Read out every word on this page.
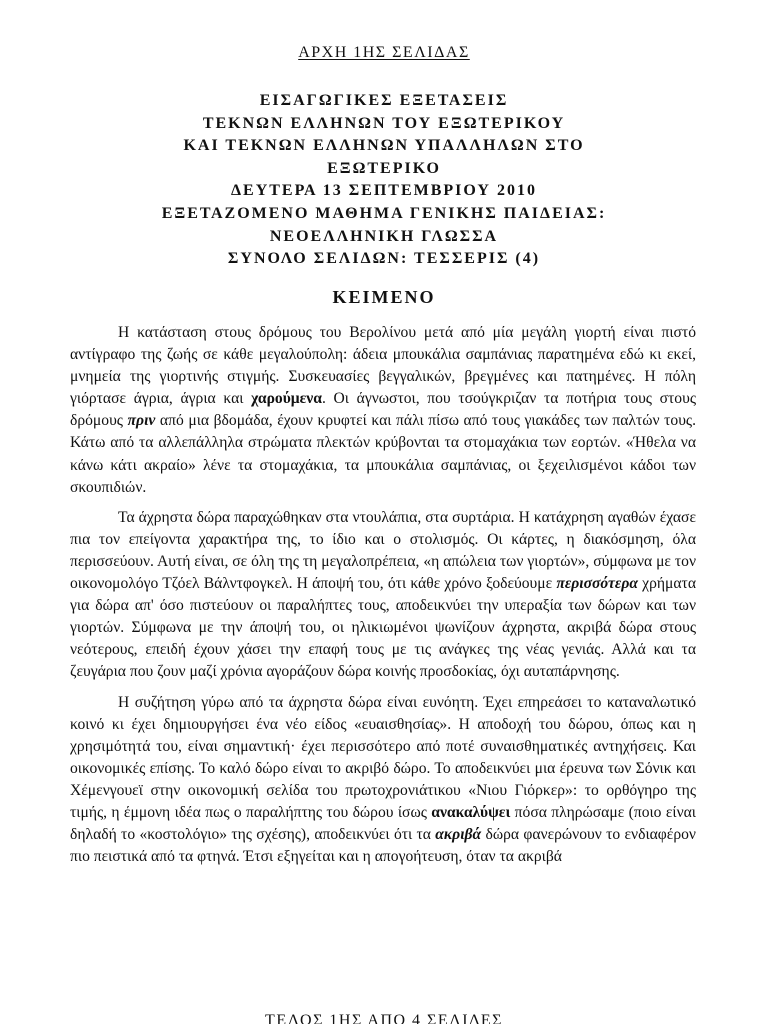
ΑΡΧΗ 1ΗΣ ΣΕΛΙΔΑΣ
ΕΙΣΑΓΩΓΙΚΕΣ ΕΞΕΤΑΣΕΙΣ
ΤΕΚΝΩΝ ΕΛΛΗΝΩΝ ΤΟΥ ΕΞΩΤΕΡΙΚΟΥ
ΚΑΙ ΤΕΚΝΩΝ ΕΛΛΗΝΩΝ ΥΠΑΛΛΗΛΩΝ ΣΤΟ
ΕΞΩΤΕΡΙΚΟ
ΔΕΥΤΕΡΑ 13 ΣΕΠΤΕΜΒΡΙΟΥ 2010
ΕΞΕΤΑΖΟΜΕΝΟ ΜΑΘΗΜΑ ΓΕΝΙΚΗΣ ΠΑΙΔΕΙΑΣ:
ΝΕΟΕΛΛΗΝΙΚΗ ΓΛΩΣΣΑ
ΣΥΝΟΛΟ ΣΕΛΙΔΩΝ: ΤΕΣΣΕΡΙΣ (4)
ΚΕΙΜΕΝΟ

Η κατάσταση στους δρόμους του Βερολίνου μετά από μία μεγάλη γιορτή είναι πιστό αντίγραφο της ζωής σε κάθε μεγαλούπολη: άδεια μπουκάλια σαμπάνιας παρατημένα εδώ κι εκεί, μνημεία της γιορτινής στιγμής. Συσκευασίες βεγγαλικών, βρεγμένες και πατημένες. Η πόλη γιόρτασε άγρια, άγρια και χαρούμενα. Οι άγνωστοι, που τσούγκριζαν τα ποτήρια τους στους δρόμους πριν από μια βδομάδα, έχουν κρυφτεί και πάλι πίσω από τους γιακάδες των παλτών τους. Κάτω από τα αλλεπάλληλα στρώματα πλεκτών κρύβονται τα στομαχάκια των εορτών. «Ήθελα να κάνω κάτι ακραίο» λένε τα στομαχάκια, τα μπουκάλια σαμπάνιας, οι ξεχειλισμένοι κάδοι των σκουπιδιών.

Τα άχρηστα δώρα παραχώθηκαν στα ντουλάπια, στα συρτάρια. Η κατάχρηση αγαθών έχασε πια τον επείγοντα χαρακτήρα της, το ίδιο και ο στολισμός. Οι κάρτες, η διακόσμηση, όλα περισσεύουν. Αυτή είναι, σε όλη της τη μεγαλοπρέπεια, «η απώλεια των γιορτών», σύμφωνα με τον οικονομολόγο Τζόελ Βάλντφογκελ. Η άποψή του, ότι κάθε χρόνο ξοδεύουμε περισσότερα χρήματα για δώρα απ' όσο πιστεύουν οι παραλήπτες τους, αποδεικνύει την υπεραξία των δώρων και των γιορτών. Σύμφωνα με την άποψή του, οι ηλικιωμένοι ψωνίζουν άχρηστα, ακριβά δώρα στους νεότερους, επειδή έχουν χάσει την επαφή τους με τις ανάγκες της νέας γενιάς. Αλλά και τα ζευγάρια που ζουν μαζί χρόνια αγοράζουν δώρα κοινής προσδοκίας, όχι αυταπάρνησης.

Η συζήτηση γύρω από τα άχρηστα δώρα είναι ευνόητη. Έχει επηρεάσει το καταναλωτικό κοινό κι έχει δημιουργήσει ένα νέο είδος «ευαισθησίας». Η αποδοχή του δώρου, όπως και η χρησιμότητά του, είναι σημαντική· έχει περισσότερο από ποτέ συναισθηματικές αντηχήσεις. Και οικονομικές επίσης. Το καλό δώρο είναι το ακριβό δώρο. Το αποδεικνύει μια έρευνα των Σόνικ και Χέμενγουεϊ στην οικονομική σελίδα του πρωτοχρονιάτικου «Νιου Γιόρκερ»: το ορθόγηρο της τιμής, η έμμονη ιδέα πως ο παραλήπτης του δώρου ίσως ανακαλύψει πόσα πληρώσαμε (ποιο είναι δηλαδή το «κοστολόγιο» της σχέσης), αποδεικνύει ότι τα ακριβά δώρα φανερώνουν το ενδιαφέρον πιο πειστικά από τα φτηνά. Έτσι εξηγείται και η απογοήτευση, όταν τα ακριβά

ΤΕΛΟΣ 1ΗΣ ΑΠΟ 4 ΣΕΛΙΔΕΣ
